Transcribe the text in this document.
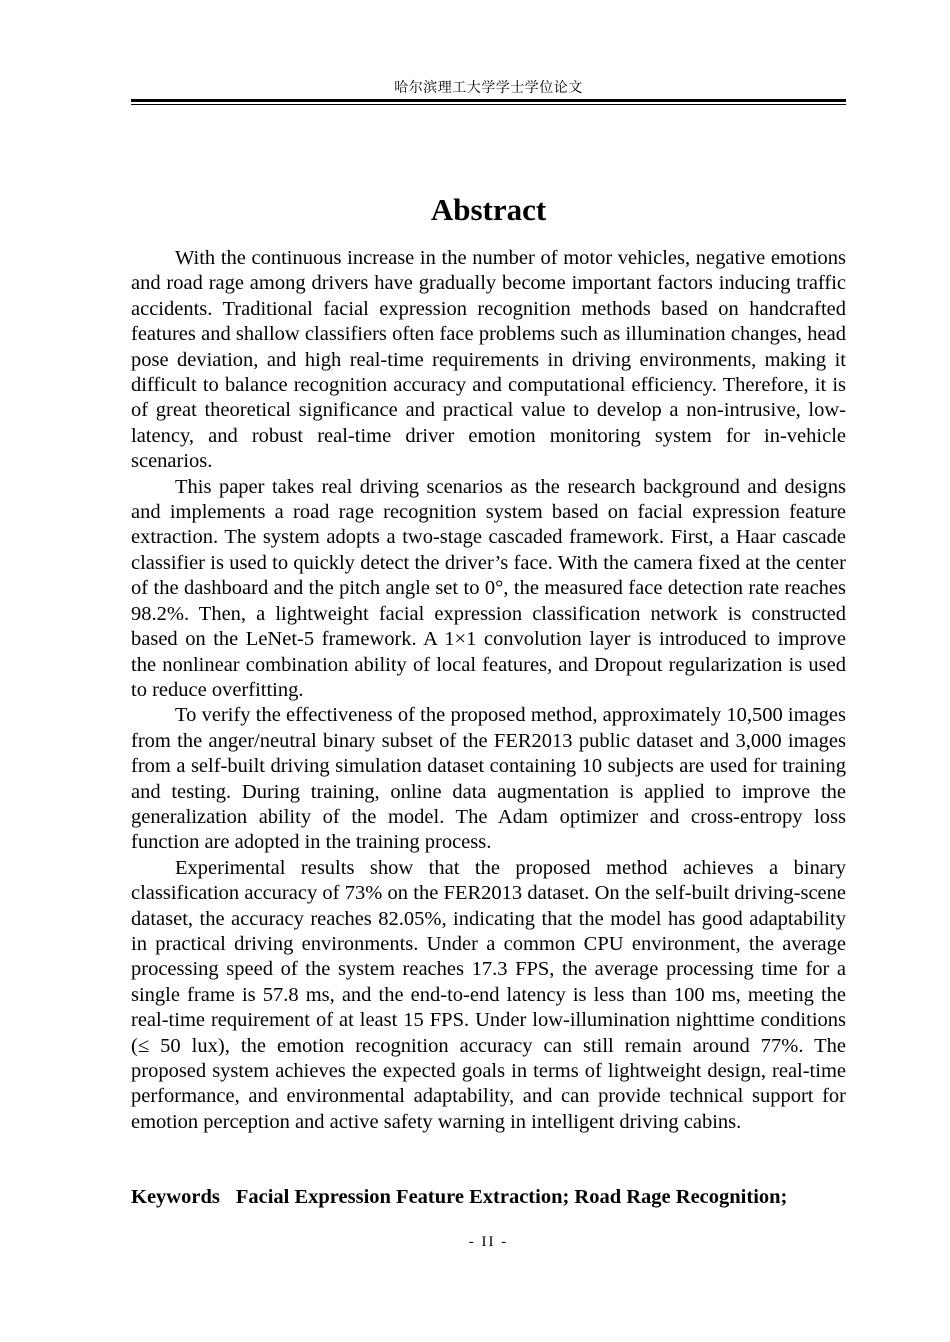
哈尔滨理工大学学士学位论文
Abstract

With the continuous increase in the number of motor vehicles, negative emotions and road rage among drivers have gradually become important factors inducing traffic accidents. Traditional facial expression recognition methods based on handcrafted features and shallow classifiers often face problems such as illumination changes, head pose deviation, and high real-time requirements in driving environments, making it difficult to balance recognition accuracy and computational efficiency. Therefore, it is of great theoretical significance and practical value to develop a non-intrusive, low-latency, and robust real-time driver emotion monitoring system for in-vehicle scenarios.

This paper takes real driving scenarios as the research background and designs and implements a road rage recognition system based on facial expression feature extraction. The system adopts a two-stage cascaded framework. First, a Haar cascade classifier is used to quickly detect the driver’s face. With the camera fixed at the center of the dashboard and the pitch angle set to 0°, the measured face detection rate reaches 98.2%. Then, a lightweight facial expression classification network is constructed based on the LeNet-5 framework. A 1×1 convolution layer is introduced to improve the nonlinear combination ability of local features, and Dropout regularization is used to reduce overfitting.

To verify the effectiveness of the proposed method, approximately 10,500 images from the anger/neutral binary subset of the FER2013 public dataset and 3,000 images from a self-built driving simulation dataset containing 10 subjects are used for training and testing. During training, online data augmentation is applied to improve the generalization ability of the model. The Adam optimizer and cross-entropy loss function are adopted in the training process.

Experimental results show that the proposed method achieves a binary classification accuracy of 73% on the FER2013 dataset. On the self-built driving-scene dataset, the accuracy reaches 82.05%, indicating that the model has good adaptability in practical driving environments. Under a common CPU environment, the average processing speed of the system reaches 17.3 FPS, the average processing time for a single frame is 57.8 ms, and the end-to-end latency is less than 100 ms, meeting the real-time requirement of at least 15 FPS. Under low-illumination nighttime conditions (≤ 50 lux), the emotion recognition accuracy can still remain around 77%. The proposed system achieves the expected goals in terms of lightweight design, real-time performance, and environmental adaptability, and can provide technical support for emotion perception and active safety warning in intelligent driving cabins.

Keywords Facial Expression Feature Extraction; Road Rage Recognition;
- II -
